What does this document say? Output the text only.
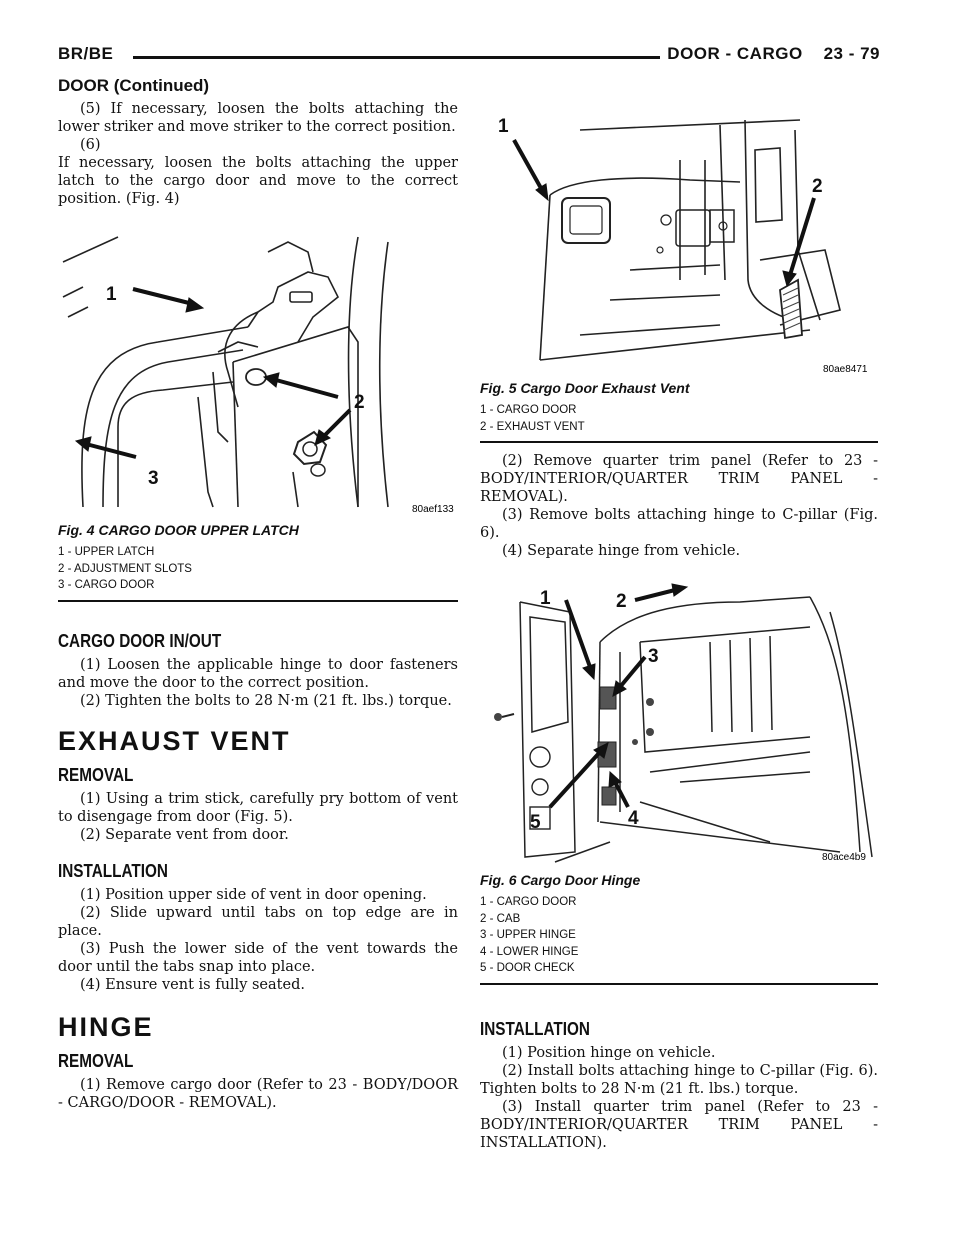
BR/BE	DOOR - CARGO    23 - 79
DOOR (Continued)

(5) If necessary, loosen the bolts attaching the lower striker and move striker to the correct position.

(6)

If necessary, loosen the bolts attaching the upper latch to the cargo door and move to the correct position. (Fig. 4)

1
2
3
80aef133

Fig. 4 CARGO DOOR UPPER LATCH

1 - UPPER LATCH
2 - ADJUSTMENT SLOTS
3 - CARGO DOOR

CARGO DOOR IN/OUT

(1) Loosen the applicable hinge to door fasteners and move the door to the correct position.

(2) Tighten the bolts to 28 N·m (21 ft. lbs.) torque.

EXHAUST VENT

REMOVAL

(1) Using a trim stick, carefully pry bottom of vent to disengage from door (Fig. 5).

(2) Separate vent from door.

INSTALLATION

(1) Position upper side of vent in door opening.

(2) Slide upward until tabs on top edge are in place.

(3) Push the lower side of the vent towards the door until the tabs snap into place.

(4) Ensure vent is fully seated.

HINGE

REMOVAL

(1) Remove cargo door (Refer to 23 - BODY/DOOR - CARGO/DOOR - REMOVAL).

1
2
80ae8471

Fig. 5 Cargo Door Exhaust Vent

1 - CARGO DOOR
2 - EXHAUST VENT

(2) Remove quarter trim panel (Refer to 23 - BODY/INTERIOR/QUARTER TRIM PANEL - REMOVAL).

(3) Remove bolts attaching hinge to C-pillar (Fig. 6).

(4) Separate hinge from vehicle.

1	2
3
4
5
80ace4b9

Fig. 6 Cargo Door Hinge

1 - CARGO DOOR
2 - CAB
3 - UPPER HINGE
4 - LOWER HINGE
5 - DOOR CHECK

INSTALLATION

(1) Position hinge on vehicle.

(2) Install bolts attaching hinge to C-pillar (Fig. 6). Tighten bolts to 28 N·m (21 ft. lbs.) torque.

(3) Install quarter trim panel (Refer to 23 - BODY/INTERIOR/QUARTER TRIM PANEL - INSTALLATION).
